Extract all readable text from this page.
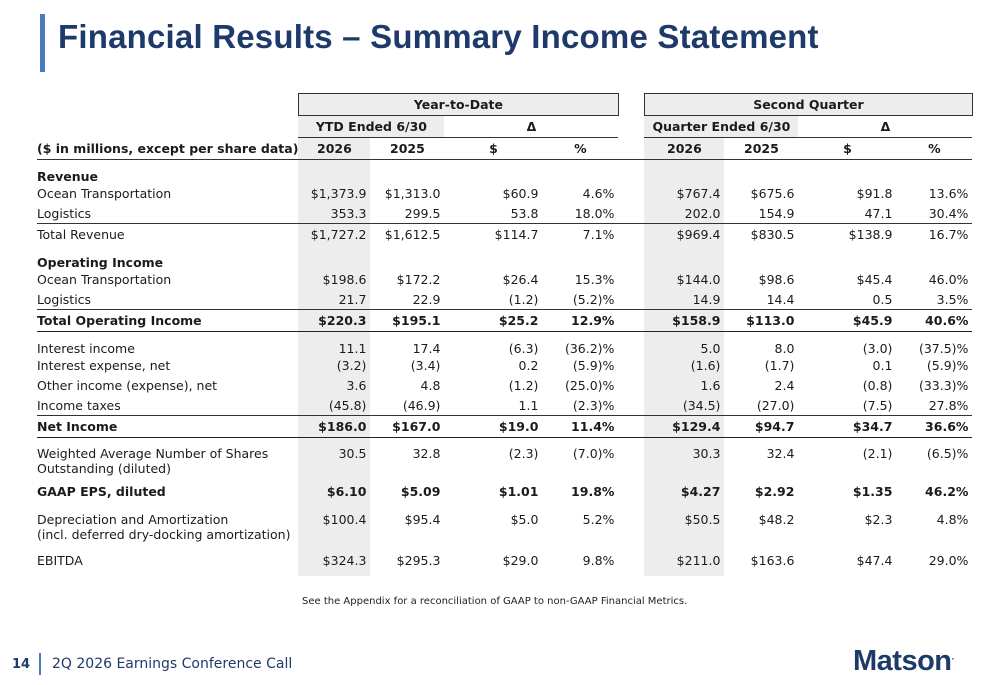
Financial Results – Summary Income Statement
	Year-to-Date					Second Quarter			
	YTD Ended 6/30		Δ			Quarter Ended 6/30		Δ	
($ in millions, except per share data)	2026	2025	$	%		2026	2025	$	%
Revenue									
Ocean Transportation	$1,373.9	$1,313.0	$60.9	4.6%		$767.4	$675.6	$91.8	13.6%
Logistics	353.3	299.5	53.8	18.0%		202.0	154.9	47.1	30.4%
Total Revenue	$1,727.2	$1,612.5	$114.7	7.1%		$969.4	$830.5	$138.9	16.7%
Operating Income									
Ocean Transportation	$198.6	$172.2	$26.4	15.3%		$144.0	$98.6	$45.4	46.0%
Logistics	21.7	22.9	(1.2)	(5.2)%		14.9	14.4	0.5	3.5%
Total Operating Income	$220.3	$195.1	$25.2	12.9%		$158.9	$113.0	$45.9	40.6%
Interest income	11.1	17.4	(6.3)	(36.2)%		5.0	8.0	(3.0)	(37.5)%
Interest expense, net	(3.2)	(3.4)	0.2	(5.9)%		(1.6)	(1.7)	0.1	(5.9)%
Other income (expense), net	3.6	4.8	(1.2)	(25.0)%		1.6	2.4	(0.8)	(33.3)%
Income taxes	(45.8)	(46.9)	1.1	(2.3)%		(34.5)	(27.0)	(7.5)	27.8%
Net Income	$186.0	$167.0	$19.0	11.4%		$129.4	$94.7	$34.7	36.6%

Weighted Average Number of Shares
Outstanding (diluted)	30.5	32.8	(2.3)	(7.0)%		30.3	32.4	(2.1)	(6.5)%
GAAP EPS, diluted	$6.10	$5.09	$1.01	19.8%		$4.27	$2.92	$1.35	46.2%

Depreciation and Amortization
(incl. deferred dry-docking amortization)	$100.4	$95.4	$5.0	5.2%		$50.5	$48.2	$2.3	4.8%
EBITDA	$324.3	$295.3	$29.0	9.8%		$211.0	$163.6	$47.4	29.0%
See the Appendix for a reconciliation of GAAP to non-GAAP Financial Metrics.
14 2Q 2026 Earnings Conference Call	Matson.
